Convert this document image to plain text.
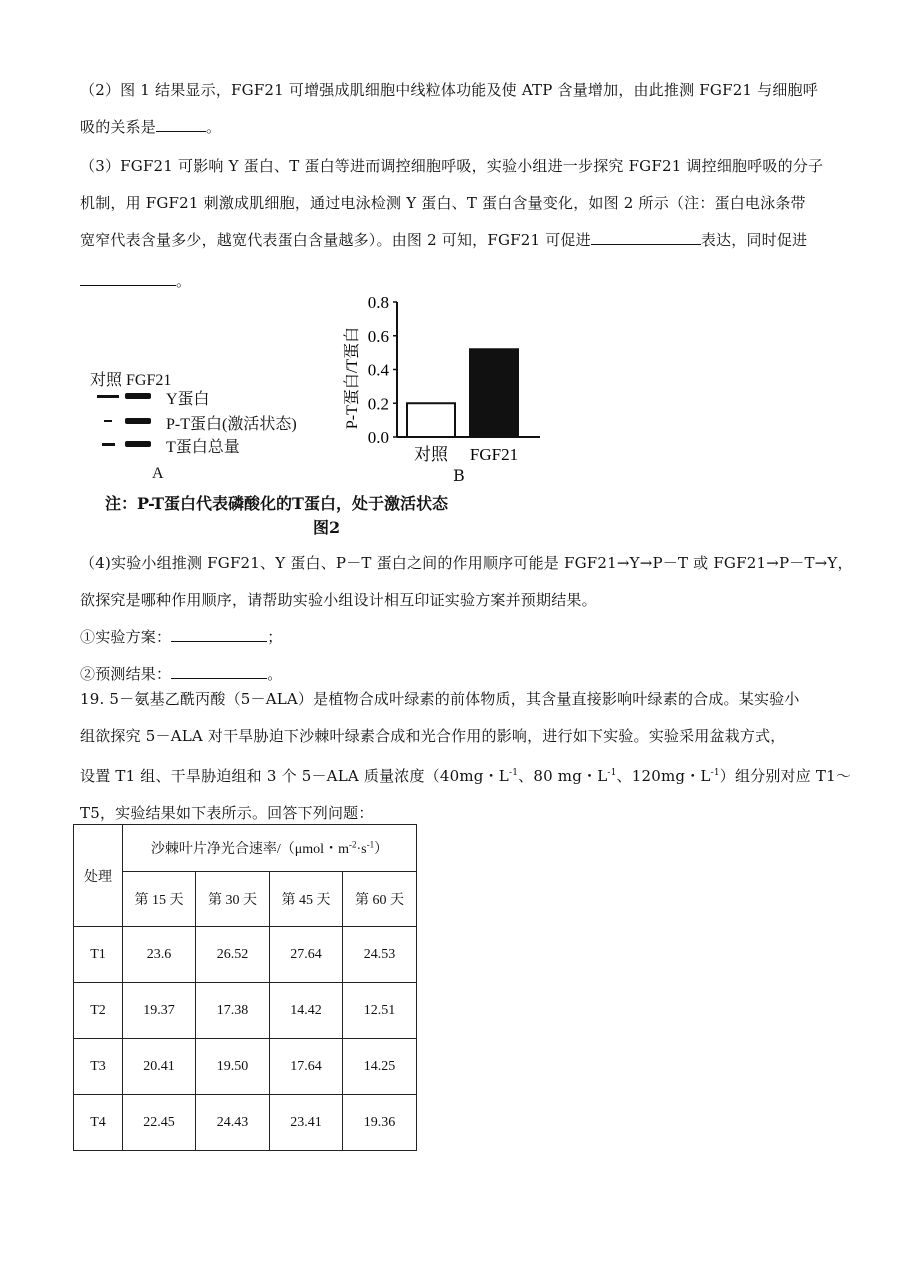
（2）图 1 结果显示，FGF21 可增强成肌细胞中线粒体功能及使 ATP 含量增加，由此推测 FGF21 与细胞呼
吸的关系是	。
（3）FGF21 可影响 Y 蛋白、T 蛋白等进而调控细胞呼吸，实验小组进一步探究 FGF21 调控细胞呼吸的分子
机制，用 FGF21 刺激成肌细胞，通过电泳检测 Y 蛋白、T 蛋白含量变化，如图 2 所示（注：蛋白电泳条带
宽窄代表含量多少，越宽代表蛋白含量越多）。由图 2 可知，FGF21 可促进	表达，同时促进
。
对照 FGF21
Y蛋白
P-T蛋白(激活状态)
T蛋白总量
A
P-T蛋白/T蛋白
0.0
0.2
0.4
0.6
0.8
对照 FGF21
B
注：P-T蛋白代表磷酸化的T蛋白，处于激活状态
图2
（4)实验小组推测 FGF21、Y 蛋白、P－T 蛋白之间的作用顺序可能是 FGF21→Y→P－T 或 FGF21→P－T→Y，
欲探究是哪种作用顺序，请帮助实验小组设计相互印证实验方案并预期结果。
①实验方案：	；
②预测结果：	。
19. 5－氨基乙酰丙酸（5－ALA）是植物合成叶绿素的前体物质，其含量直接影响叶绿素的合成。某实验小
组欲探究 5－ALA 对干旱胁迫下沙棘叶绿素合成和光合作用的影响，进行如下实验。实验采用盆栽方式，
设置 T1 组、干旱胁迫组和 3 个 5－ALA 质量浓度（40mg・$L^{-1}$、80 mg・$L^{-1}$、120mg・$L^{-1}$）组分别对应 T1～
T5，实验结果如下表所示。回答下列问题：
处理	沙棘叶片净光合速率/（μmol・$m^{-2}\cdot s^{-1}$）			
	第 15 天	第 30 天	第 45 天	第 60 天
T1	23.6	26.52	27.64	24.53
T2	19.37	17.38	14.42	12.51
T3	20.41	19.50	17.64	14.25
T4	22.45	24.43	23.41	19.36
